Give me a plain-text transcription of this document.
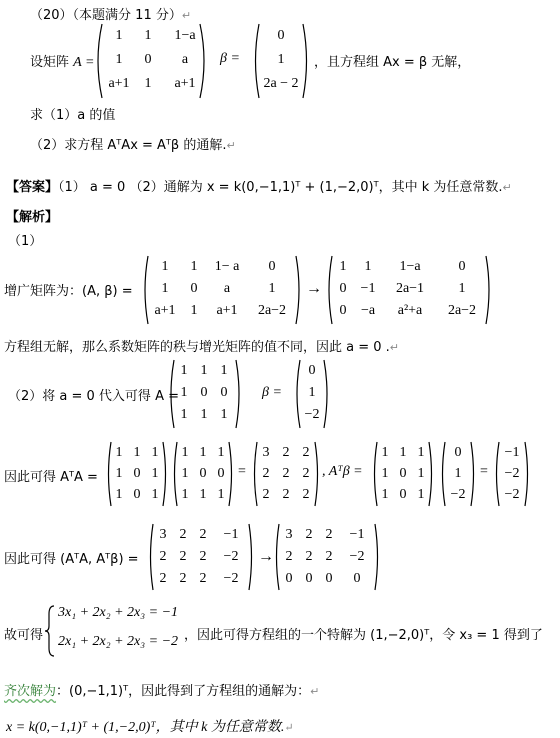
（20）（本题满分 11 分）↵
设矩阵 A =
1 1 1−a
1 0 a
a+1 1 a+1
β =
0
1
2a − 2
，且方程组 Ax = β 无解，
求（1）a 的值
（2）求方程 AᵀAx = Aᵀβ 的通解.↵
【答案】（1） a = 0 （2）通解为 x = k(0,−1,1)ᵀ + (1,−2,0)ᵀ，其中 k 为任意常数.↵
【解析】
（1）
增广矩阵为：(A, β) =
1 1 1− a 0
1 0 a	1
a+1 1 a+1 2a−2
→
1 1 1−a	0
0 −1 2a−1 1
0 −a a²+a 2a−2
方程组无解，那么系数矩阵的秩与增光矩阵的值不同，因此 a = 0 .↵
（2）将 a = 0 代入可得 A =
1 1 1
1 0 0
1 1 1
β =
0
1
−2
因此可得 AᵀA =
1 1 1
1 0 1
1 0 1
1 1 1
1 0 0
1 1 1
=
3 2 2
2 2 2
2 2 2
, Aᵀβ =
1 1 1
1 0 1
1 0 1
0
1
−2
=
−1
−2
−2
因此可得 (AᵀA, Aᵀβ) =
3 2 2 −1
2 2 2 −2
2 2 2 −2
→
3 2 2 −1
2 2 2 −2
0 0 0 0
故可得
3x₁ + 2x₂ + 2x₃ = −1
2x₁ + 2x₂ + 2x₃ = −2 ，因此可得方程组的一个特解为 (1,−2,0)ᵀ，令 x₃ = 1 得到了
齐次解为：(0,−1,1)ᵀ，因此得到了方程组的通解为：↵
x = k(0,−1,1)ᵀ + (1,−2,0)ᵀ，其中 k 为任意常数.↵
